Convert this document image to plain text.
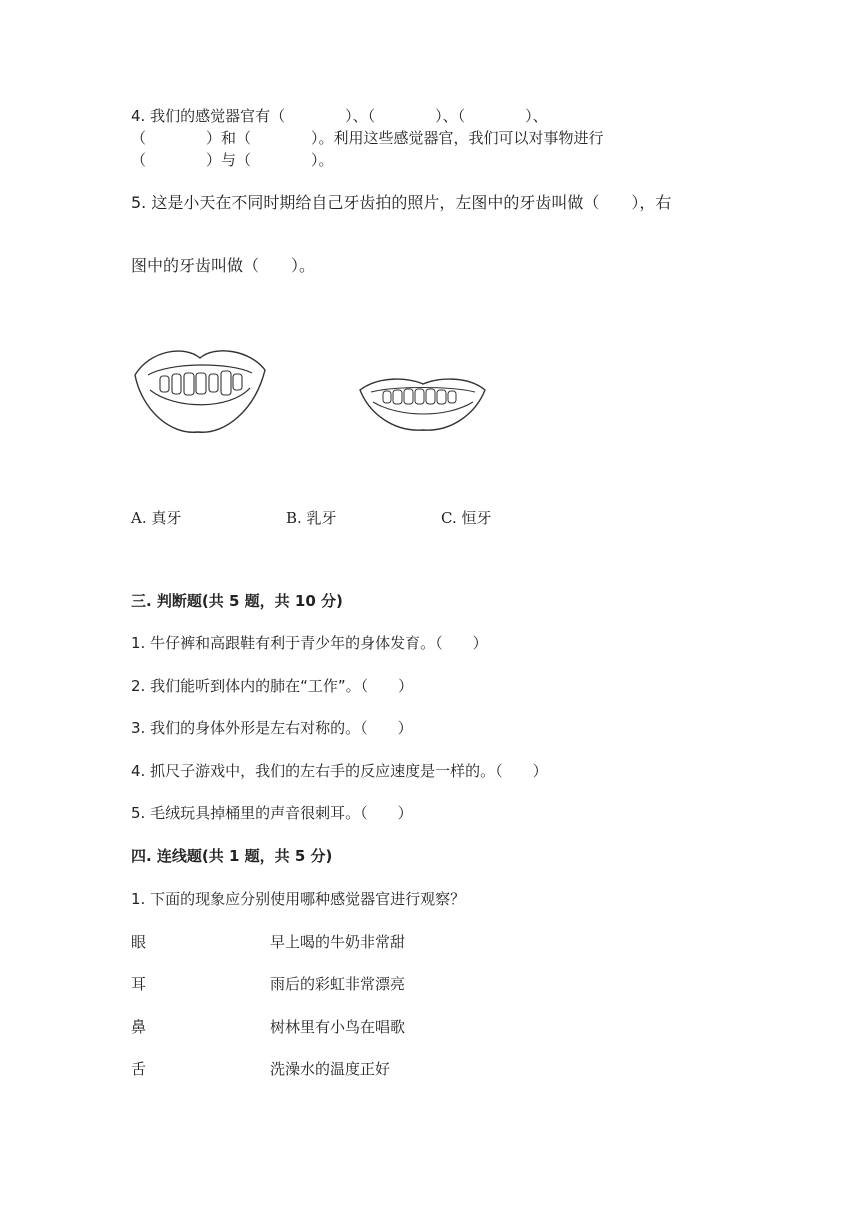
4. 我们的感觉器官有（　　　　）、（　　　　）、（　　　　）、
（　　　　）和（　　　　）。利用这些感觉器官，我们可以对事物进行
（　　　　）与（　　　　）。
5. 这是小天在不同时期给自己牙齿拍的照片，左图中的牙齿叫做（　　），右
图中的牙齿叫做（　　）。
A. 真牙	B. 乳牙	C. 恒牙
三. 判断题(共 5 题，共 10 分)
1. 牛仔裤和高跟鞋有利于青少年的身体发育。（　　）
2. 我们能听到体内的肺在“工作”。（　　）
3. 我们的身体外形是左右对称的。（　　）
4. 抓尺子游戏中，我们的左右手的反应速度是一样的。（　　）
5. 毛绒玩具掉桶里的声音很刺耳。（　　）
四. 连线题(共 1 题，共 5 分)
1. 下面的现象应分别使用哪种感觉器官进行观察？
眼	早上喝的牛奶非常甜
耳	雨后的彩虹非常漂亮
鼻	树林里有小鸟在唱歌
舌	洗澡水的温度正好
